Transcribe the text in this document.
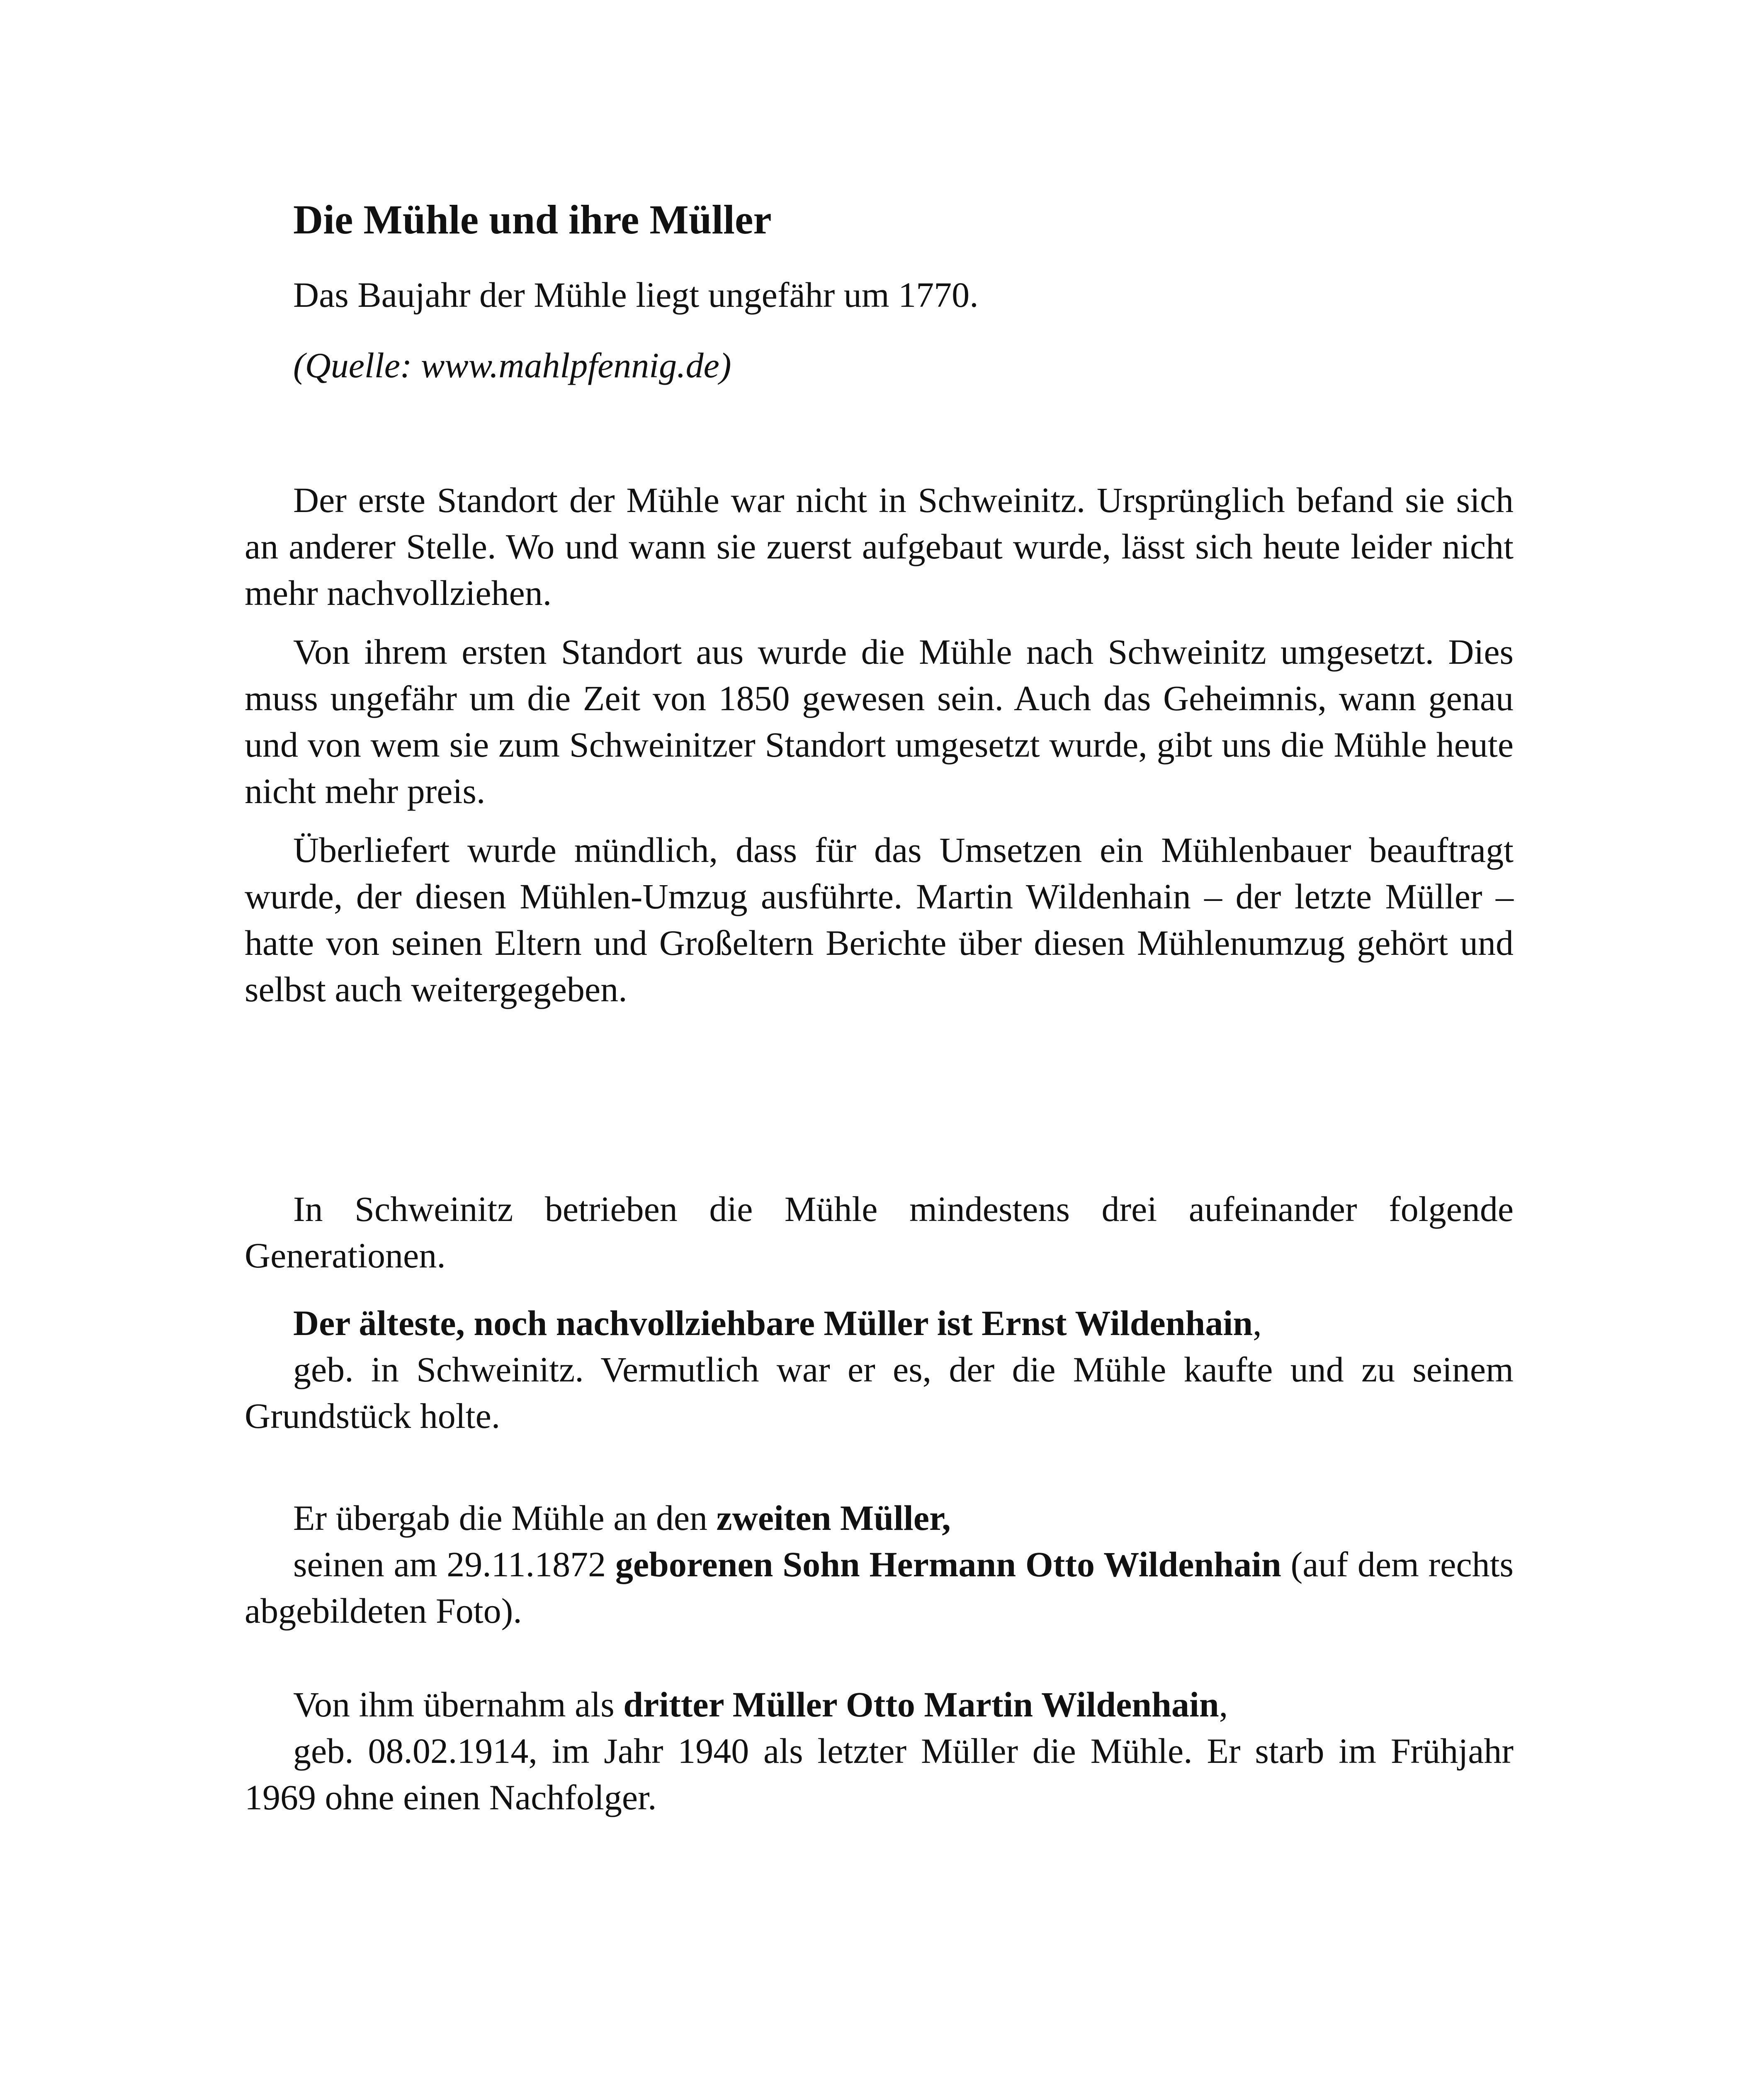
Die Mühle und ihre Müller

Das Baujahr der Mühle liegt ungefähr um 1770.

(Quelle: www.mahlpfennig.de)

Der erste Standort der Mühle war nicht in Schweinitz. Ursprünglich befand sie sich an anderer Stelle. Wo und wann sie zuerst aufgebaut wurde, lässt sich heute leider nicht mehr nachvollziehen.

Von ihrem ersten Standort aus wurde die Mühle nach Schweinitz umgesetzt. Dies muss ungefähr um die Zeit von 1850 gewesen sein. Auch das Geheimnis, wann genau und von wem sie zum Schweinitzer Standort umgesetzt wurde, gibt uns die Mühle heute nicht mehr preis.

Überliefert wurde mündlich, dass für das Umsetzen ein Mühlenbauer beauftragt wurde, der diesen Mühlen-Umzug ausführte. Martin Wildenhain – der letzte Müller – hatte von seinen Eltern und Großeltern Berichte über diesen Mühlenumzug gehört und selbst auch weitergegeben.

In Schweinitz betrieben die Mühle mindestens drei aufeinander folgende Generationen.

Der älteste, noch nachvollziehbare Müller ist Ernst Wildenhain,

geb. in Schweinitz. Vermutlich war er es, der die Mühle kaufte und zu seinem Grundstück holte.

Er übergab die Mühle an den zweiten Müller,

seinen am 29.11.1872 geborenen Sohn Hermann Otto Wildenhain (auf dem rechts abgebildeten Foto).

Von ihm übernahm als dritter Müller Otto Martin Wildenhain,

geb. 08.02.1914, im Jahr 1940 als letzter Müller die Mühle. Er starb im Frühjahr 1969 ohne einen Nachfolger.
